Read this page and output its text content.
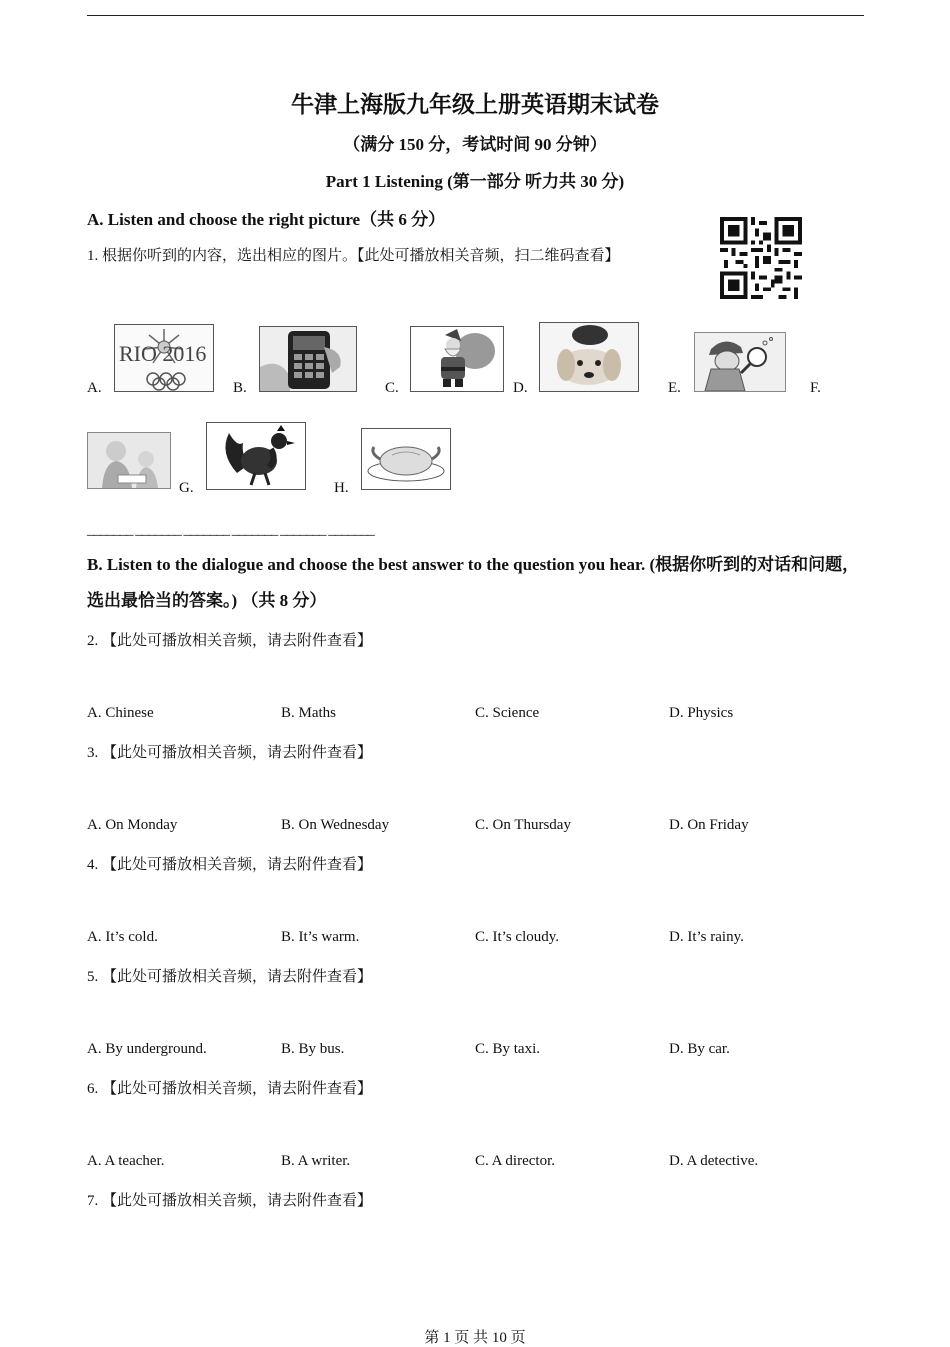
牛津上海版九年级上册英语期末试卷
（满分 150 分，考试时间 90 分钟）
Part 1 Listening (第一部分 听力共 30 分)
A. Listen and choose the right picture（共 6 分）
1. 根据你听到的内容，选出相应的图片。【此处可播放相关音频，扫二维码查看】
A.
RIO 2016
B.	C.	D.	E.	F.
G.	H.
_______ _______ _______ _______ _______ _______
B. Listen to the dialogue and choose the best answer to the question you hear. (根据你听到的对话和问题，选出最恰当的答案。) （共 8 分）
2. 【此处可播放相关音频，请去附件查看】
A. Chinese	B. Maths	C. Science	D. Physics
3. 【此处可播放相关音频，请去附件查看】
A. On Monday	B. On Wednesday	C. On Thursday	D. On Friday
4. 【此处可播放相关音频，请去附件查看】
A. It’s cold.	B. It’s warm.	C. It’s cloudy.	D. It’s rainy.
5. 【此处可播放相关音频，请去附件查看】
A. By underground.	B. By bus.	C. By taxi.	D. By car.
6. 【此处可播放相关音频，请去附件查看】
A. A teacher.	B. A writer.	C. A director.	D. A detective.
7. 【此处可播放相关音频，请去附件查看】
第 1 页 共 10 页
